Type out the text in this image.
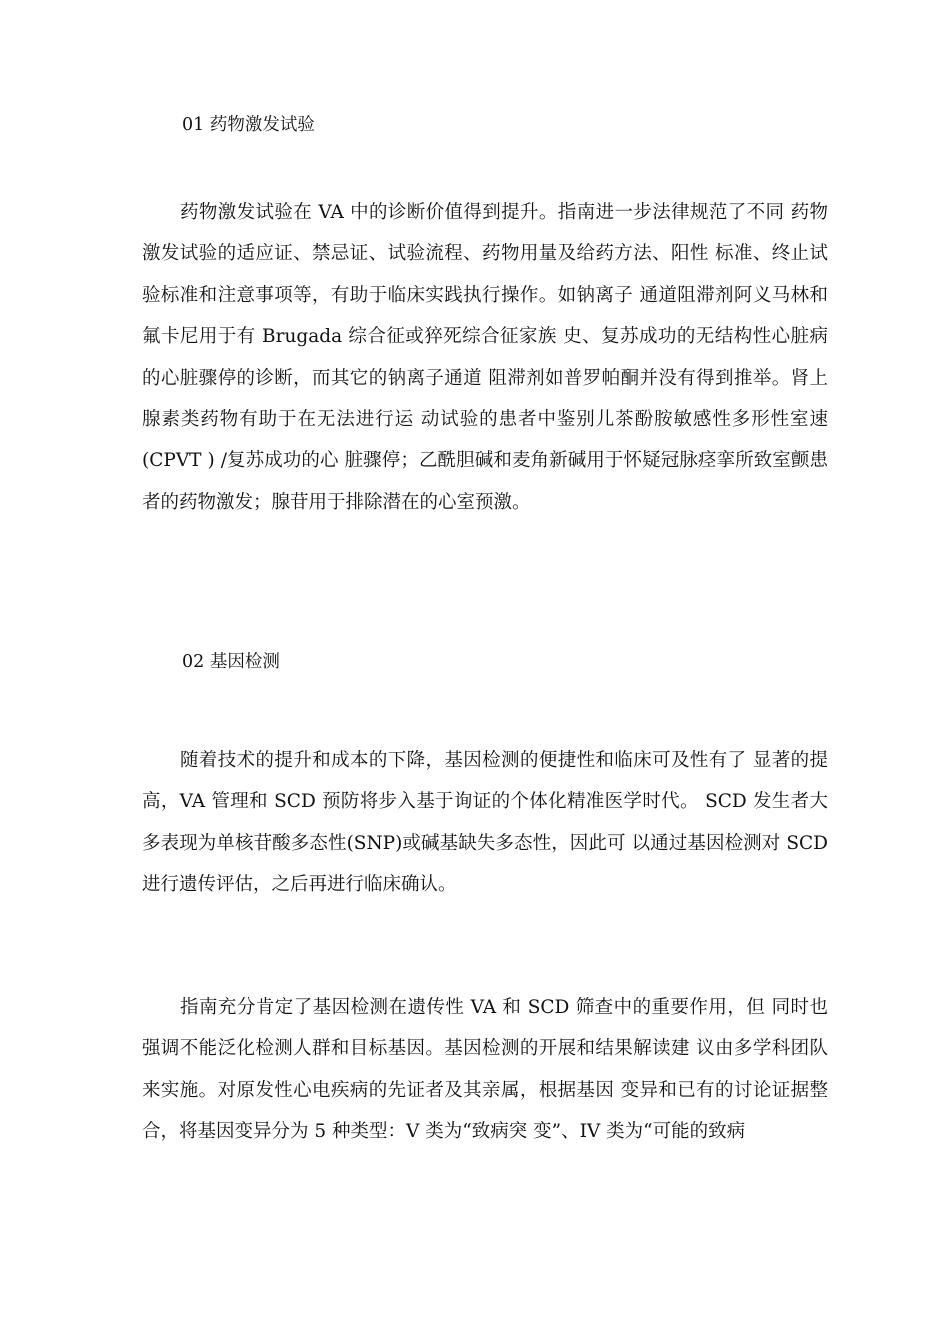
01 药物激发试验

药物激发试验在 VA 中的诊断价值得到提升。指南进一步法律规范了不同 药物激发试验的适应证、禁忌证、试验流程、药物用量及给药方法、阳性 标准、终止试验标准和注意事项等，有助于临床实践执行操作。如钠离子 通道阻滞剂阿义马林和氟卡尼用于有 Brugada 综合征或猝死综合征家族 史、复苏成功的无结构性心脏病的心脏骤停的诊断，而其它的钠离子通道 阻滞剂如普罗帕酮并没有得到推举。肾上腺素类药物有助于在无法进行运 动试验的患者中鉴别儿茶酚胺敏感性多形性室速(CPVT ) /复苏成功的心 脏骤停；乙酰胆碱和麦角新碱用于怀疑冠脉痉挛所致室颤患者的药物激发；腺苷用于排除潜在的心室预激。

02 基因检测

随着技术的提升和成本的下降，基因检测的便捷性和临床可及性有了 显著的提高，VA 管理和 SCD 预防将步入基于询证的个体化精准医学时代。 SCD 发生者大多表现为单核苷酸多态性(SNP)或碱基缺失多态性，因此可 以通过基因检测对 SCD 进行遗传评估，之后再进行临床确认。

指南充分肯定了基因检测在遗传性 VA 和 SCD 筛查中的重要作用，但 同时也强调不能泛化检测人群和目标基因。基因检测的开展和结果解读建 议由多学科团队来实施。对原发性心电疾病的先证者及其亲属，根据基因 变异和已有的讨论证据整合，将基因变异分为 5 种类型：V 类为“致病突 变”、IV 类为“可能的致病
